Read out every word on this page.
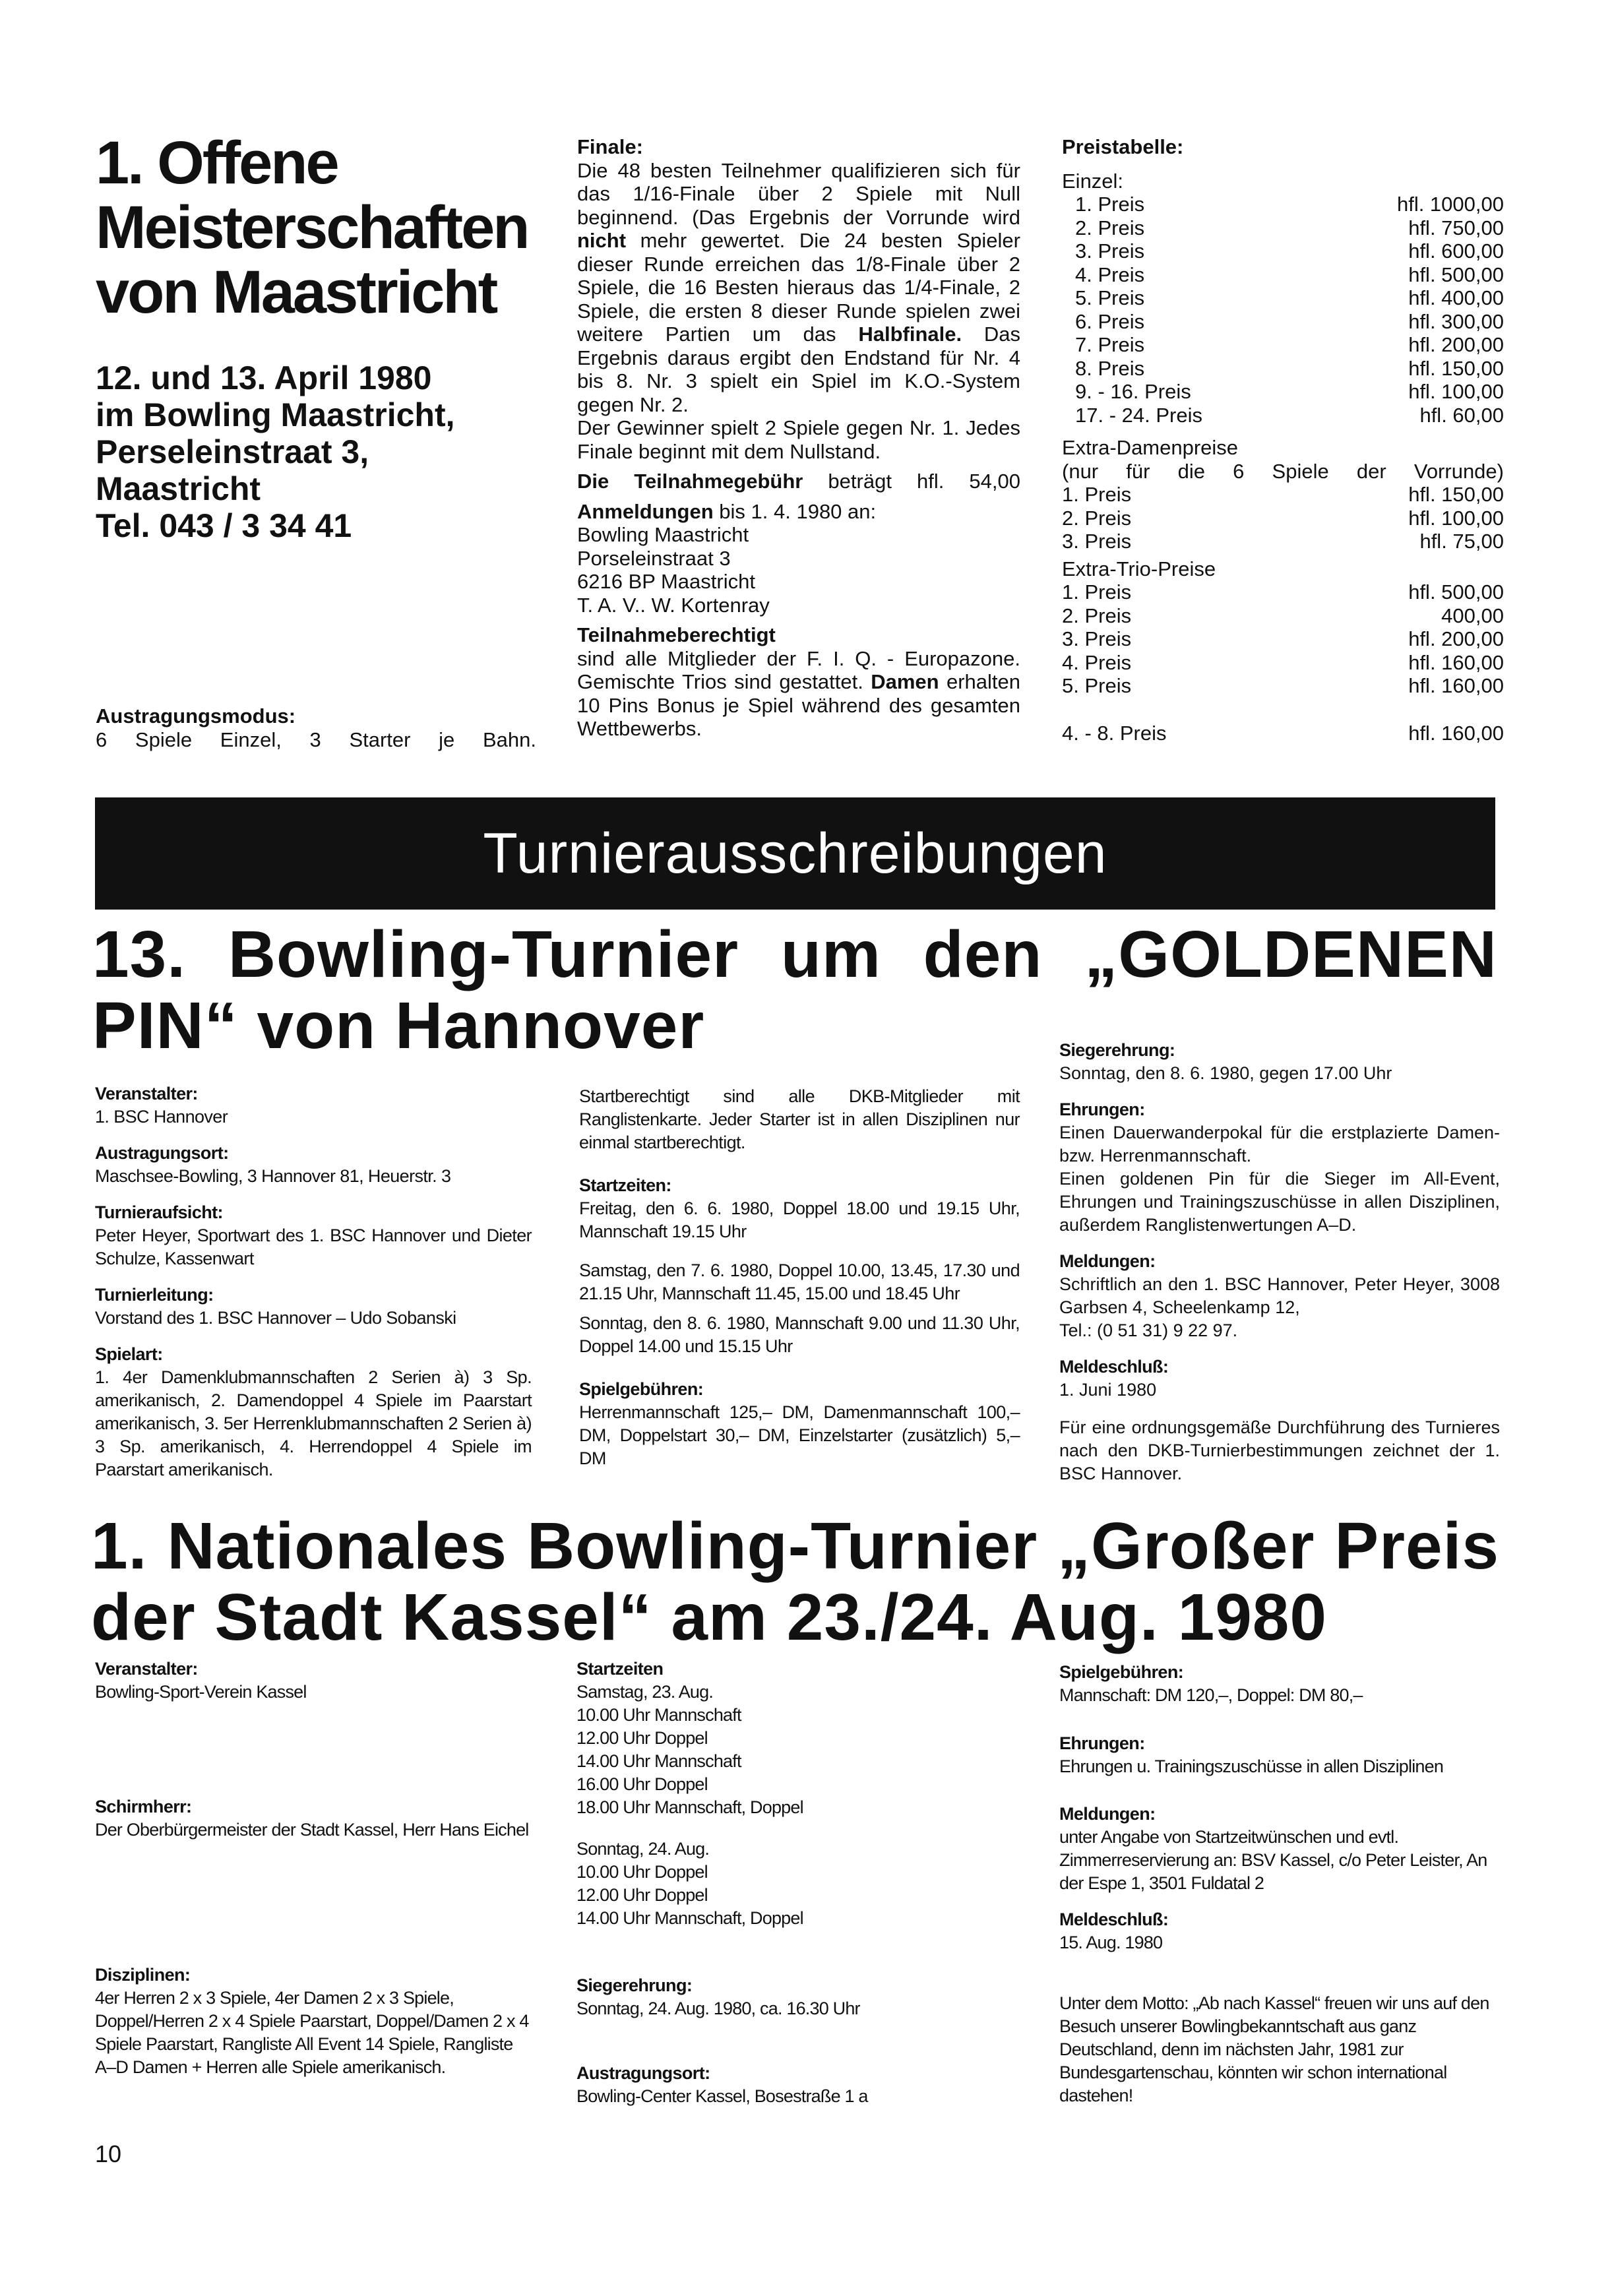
1. Offene
Meisterschaften
von Maastricht
12. und 13. April 1980
im Bowling Maastricht,
Perseleinstraat 3,
Maastricht
Tel. 043 / 3 34 41
Austragungsmodus:
6 Spiele Einzel, 3 Starter je Bahn.
Finale:
Die 48 besten Teilnehmer qualifizieren sich für das 1/16-Finale über 2 Spiele mit Null beginnend. (Das Ergebnis der Vorrunde wird nicht mehr gewertet. Die 24 besten Spieler dieser Runde erreichen das 1/8-Finale über 2 Spiele, die 16 Besten hieraus das 1/4-Finale, 2 Spiele, die ersten 8 dieser Runde spielen zwei weitere Partien um das Halbfinale. Das Ergebnis daraus ergibt den Endstand für Nr. 4 bis 8. Nr. 3 spielt ein Spiel im K.O.-System gegen Nr. 2.
Der Gewinner spielt 2 Spiele gegen Nr. 1. Jedes Finale beginnt mit dem Nullstand.
Die Teilnahmegebühr beträgt hfl. 54,00
Anmeldungen bis 1. 4. 1980 an:
Bowling Maastricht
Porseleinstraat 3
6216 BP Maastricht
T. A. V.. W. Kortenray
Teilnahmeberechtigt
sind alle Mitglieder der F. I. Q. - Europazone. Gemischte Trios sind gestattet. Damen erhalten 10 Pins Bonus je Spiel während des gesamten Wettbewerbs.
Preistabelle:
Einzel:
1. Preis	hfl. 1000,00
2. Preis	hfl. 750,00
3. Preis	hfl. 600,00
4. Preis	hfl. 500,00
5. Preis	hfl. 400,00
6. Preis	hfl. 300,00
7. Preis	hfl. 200,00
8. Preis	hfl. 150,00
9. - 16. Preis	hfl. 100,00
17. - 24. Preis	hfl. 60,00
Extra-Damenpreise
(nur für die 6 Spiele der Vorrunde)
1. Preis	hfl. 150,00
2. Preis	hfl. 100,00
3. Preis	hfl. 75,00
Extra-Trio-Preise
1. Preis	hfl. 500,00
2. Preis	400,00
3. Preis	hfl. 200,00
4. Preis	hfl. 160,00
5. Preis	hfl. 160,00
4. - 8. Preis	hfl. 160,00
Turnierausschreibungen
13. Bowling-Turnier um den „GOLDENEN
PIN“ von Hannover
Veranstalter:
1. BSC Hannover
Austragungsort:
Maschsee-Bowling, 3 Hannover 81, Heuerstr. 3
Turnieraufsicht:
Peter Heyer, Sportwart des 1. BSC Hannover und Dieter Schulze, Kassenwart
Turnierleitung:
Vorstand des 1. BSC Hannover – Udo Sobanski
Spielart:
1. 4er Damenklubmannschaften 2 Serien à) 3 Sp. amerikanisch, 2. Damendoppel 4 Spiele im Paarstart amerikanisch, 3. 5er Herrenklubmannschaften 2 Serien à) 3 Sp. amerikanisch, 4. Herrendoppel 4 Spiele im Paarstart amerikanisch.
Startberechtigt sind alle DKB-Mitglieder mit Ranglistenkarte. Jeder Starter ist in allen Disziplinen nur einmal startberechtigt.
Startzeiten:
Freitag, den 6. 6. 1980, Doppel 18.00 und 19.15 Uhr, Mannschaft 19.15 Uhr
Samstag, den 7. 6. 1980, Doppel 10.00, 13.45, 17.30 und 21.15 Uhr, Mannschaft 11.45, 15.00 und 18.45 Uhr
Sonntag, den 8. 6. 1980, Mannschaft 9.00 und 11.30 Uhr, Doppel 14.00 und 15.15 Uhr
Spielgebühren:
Herrenmannschaft 125,– DM, Damenmannschaft 100,– DM, Doppelstart 30,– DM, Einzelstarter (zusätzlich) 5,– DM
Siegerehrung:
Sonntag, den 8. 6. 1980, gegen 17.00 Uhr
Ehrungen:
Einen Dauerwanderpokal für die erstplazierte Damen- bzw. Herrenmannschaft.
Einen goldenen Pin für die Sieger im All-Event, Ehrungen und Trainingszuschüsse in allen Disziplinen, außerdem Ranglistenwertungen A–D.
Meldungen:
Schriftlich an den 1. BSC Hannover, Peter Heyer, 3008 Garbsen 4, Scheelenkamp 12,
Tel.: (0 51 31) 9 22 97.
Meldeschluß:
1. Juni 1980
Für eine ordnungsgemäße Durchführung des Turnieres nach den DKB-Turnierbestimmungen zeichnet der 1. BSC Hannover.
1. Nationales Bowling-Turnier „Großer Preis
der Stadt Kassel“ am 23./24. Aug. 1980
Veranstalter:
Bowling-Sport-Verein Kassel
Schirmherr:
Der Oberbürgermeister der Stadt Kassel, Herr Hans Eichel
Disziplinen:
4er Herren 2 x 3 Spiele, 4er Damen 2 x 3 Spiele, Doppel/Herren 2 x 4 Spiele Paarstart, Doppel/Damen 2 x 4 Spiele Paarstart, Rangliste All Event 14 Spiele, Rangliste A–D Damen + Herren alle Spiele amerikanisch.
Startzeiten
Samstag, 23. Aug.
10.00 Uhr Mannschaft
12.00 Uhr Doppel
14.00 Uhr Mannschaft
16.00 Uhr Doppel
18.00 Uhr Mannschaft, Doppel
Sonntag, 24. Aug.
10.00 Uhr Doppel
12.00 Uhr Doppel
14.00 Uhr Mannschaft, Doppel
Siegerehrung:
Sonntag, 24. Aug. 1980, ca. 16.30 Uhr
Austragungsort:
Bowling-Center Kassel, Bosestraße 1 a
Spielgebühren:
Mannschaft: DM 120,–, Doppel: DM 80,–
Ehrungen:
Ehrungen u. Trainingszuschüsse in allen Disziplinen
Meldungen:
unter Angabe von Startzeitwünschen und evtl. Zimmerreservierung an: BSV Kassel, c/o Peter Leister, An der Espe 1, 3501 Fuldatal 2
Meldeschluß:
15. Aug. 1980
Unter dem Motto: „Ab nach Kassel“ freuen wir uns auf den Besuch unserer Bowlingbekanntschaft aus ganz Deutschland, denn im nächsten Jahr, 1981 zur Bundesgartenschau, könnten wir schon international dastehen!
10
